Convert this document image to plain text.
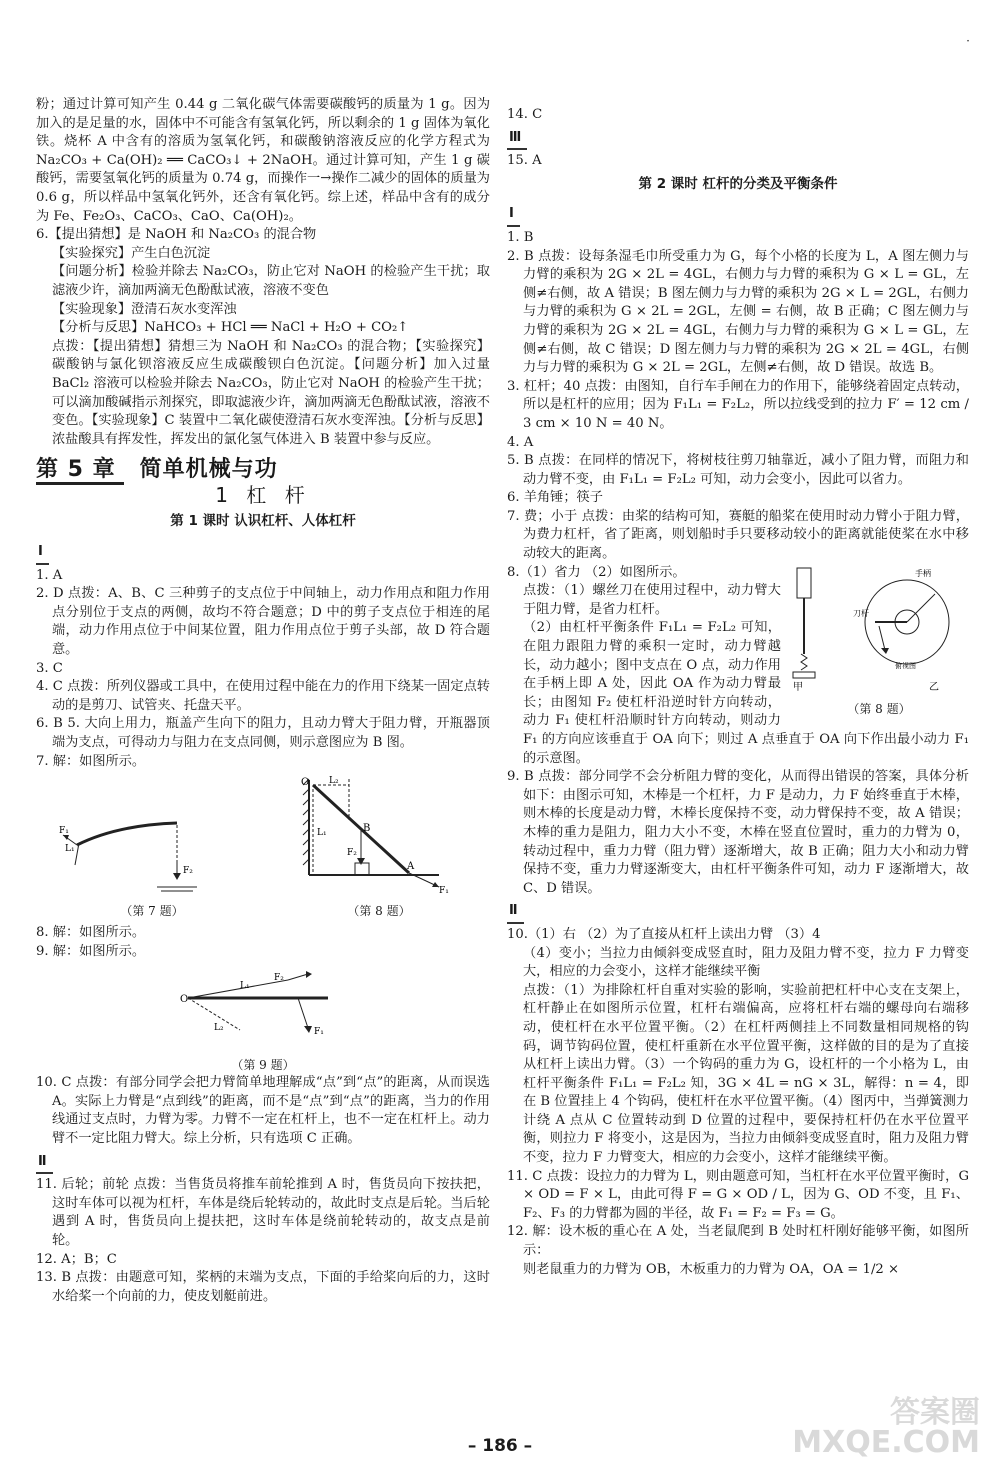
·

粉；通过计算可知产生 0.44 g 二氧化碳气体需要碳酸钙的质量为 1 g。因为加入的是足量的水，固体中不可能含有氢氧化钙，所以剩余的 1 g 固体为氧化铁。烧杯 A 中含有的溶质为氢氧化钙，和碳酸钠溶液反应的化学方程式为 Na₂CO₃ + Ca(OH)₂ ══ CaCO₃↓ + 2NaOH。通过计算可知，产生 1 g 碳酸钙，需要氢氧化钙的质量为 0.74 g，而操作一→操作二减少的固体的质量为 0.6 g，所以样品中氢氧化钙外，还含有氧化钙。综上述，样品中含有的成分为 Fe、Fe₂O₃、CaCO₃、CaO、Ca(OH)₂。

6.【提出猜想】是 NaOH 和 Na₂CO₃ 的混合物

【实验探究】产生白色沉淀

【问题分析】检验并除去 Na₂CO₃，防止它对 NaOH 的检验产生干扰；取滤液少许，滴加两滴无色酚酞试液，溶液不变色

【实验现象】澄清石灰水变浑浊

【分析与反思】NaHCO₃ + HCl ══ NaCl + H₂O + CO₂↑

点拨：【提出猜想】猜想三为 NaOH 和 Na₂CO₃ 的混合物；【实验探究】碳酸钠与氯化钡溶液反应生成碳酸钡白色沉淀。【问题分析】加入过量 BaCl₂ 溶液可以检验并除去 Na₂CO₃，防止它对 NaOH 的检验产生干扰；可以滴加酸碱指示剂探究，即取滤液少许，滴加两滴无色酚酞试液，溶液不变色。【实验现象】C 装置中二氧化碳使澄清石灰水变浑浊。【分析与反思】浓盐酸具有挥发性，挥发出的氯化氢气体进入 B 装置中参与反应。

第 5 章 简单机械与功
1 杠 杆
第 1 课时 认识杠杆、人体杠杆
Ⅰ

1. A

2. D 点拨：A、B、C 三种剪子的支点位于中间轴上，动力作用点和阻力作用点分别位于支点的两侧，故均不符合题意；D 中的剪子支点位于相连的尾端，动力作用点位于中间某位置，阻力作用点位于剪子头部，故 D 符合题意。

3. C

4. C 点拨：所列仪器或工具中，在使用过程中能在力的作用下绕某一固定点转动的是剪刀、试管夹、托盘天平。

6. B 5. 大向上用力，瓶盖产生向下的阻力，且动力臂大于阻力臂，开瓶器顶端为支点，可得动力与阻力在支点同侧，则示意图应为 B 图。

7. 解：如图所示。

F₁
L₁
F₂
（第 7 题）
O L₂
B
L₁
F₂
A
F₁
（第 8 题）

8. 解：如图所示。

9. 解：如图所示。

O
L₁
F₂
L₂	F₁
（第 9 题）

10. C 点拨：有部分同学会把力臂简单地理解成“点”到“点”的距离，从而误选 A。实际上力臂是“点到线”的距离，而不是“点”到“点”的距离，当力的作用线通过支点时，力臂为零。力臂不一定在杠杆上，也不一定在杠杆上。动力臂不一定比阻力臂大。综上分析，只有选项 C 正确。

Ⅱ

11. 后轮；前轮 点拨：当售货员将推车前轮推到 A 时，售货员向下按扶把，这时车体可以视为杠杆，车体是绕后轮转动的，故此时支点是后轮。当后轮遇到 A 时，售货员向上提扶把，这时车体是绕前轮转动的，故支点是前轮。

12. A；B；C

13. B 点拨：由题意可知，桨柄的末端为支点，下面的手给桨向后的力，这时水给桨一个向前的力，使皮划艇前进。

14. C

Ⅲ

15. A

第 2 课时 杠杆的分类及平衡条件
Ⅰ

1. B

2. B 点拨：设每条湿毛巾所受重力为 G，每个小格的长度为 L，A 图左侧力与力臂的乘积为 2G × 2L = 4GL，右侧力与力臂的乘积为 G × L = GL，左侧≠右侧，故 A 错误；B 图左侧力与力臂的乘积为 2G × L = 2GL，右侧力与力臂的乘积为 G × 2L = 2GL，左侧 = 右侧，故 B 正确；C 图左侧力与力臂的乘积为 2G × 2L = 4GL，右侧力与力臂的乘积为 G × L = GL，左侧≠右侧，故 C 错误；D 图左侧力与力臂的乘积为 2G × 2L = 4GL，右侧力与力臂的乘积为 G × 2L = 2GL，左侧≠右侧，故 D 错误。故选 B。

3. 杠杆；40 点拨：由图知，自行车手闸在力的作用下，能够绕着固定点转动，所以是杠杆的应用；因为 F₁L₁ = F₂L₂，所以拉线受到的拉力 F′ = 12 cm / 3 cm × 10 N = 40 N。

4. A

5. B 点拨：在同样的情况下，将树枝往剪刀轴靠近，减小了阻力臂，而阻力和动力臂不变，由 F₁L₁ = F₂L₂ 可知，动力会变小，因此可以省力。

6. 羊角锤；筷子

7. 费；小于 点拨：由桨的结构可知，赛艇的船桨在使用时动力臂小于阻力臂，为费力杠杆，省了距离，则划船时手只要移动较小的距离就能使桨在水中移动较大的距离。

手柄
刀杆
俯视图
甲	乙
（第 8 题）

8.（1）省力 （2）如图所示。

点拨：（1）螺丝刀在使用过程中，动力臂大于阻力臂，是省力杠杆。

（2）由杠杆平衡条件 F₁L₁ = F₂L₂ 可知，在阻力跟阻力臂的乘积一定时，动力臂越长，动力越小；图中支点在 O 点，动力作用在手柄上即 A 处，因此 OA 作为动力臂最长；由图知 F₂ 使杠杆沿逆时针方向转动，动力 F₁ 使杠杆沿顺时针方向转动，则动力 F₁ 的方向应该垂直于 OA 向下；则过 A 点垂直于 OA 向下作出最小动力 F₁ 的示意图。

9. B 点拨：部分同学不会分析阻力臂的变化，从而得出错误的答案，具体分析如下：由图示可知，木棒是一个杠杆，力 F 是动力，力 F 始终垂直于木棒，则木棒的长度是动力臂，木棒长度保持不变，动力臂保持不变，故 A 错误；木棒的重力是阻力，阻力大小不变，木棒在竖直位置时，重力的力臂为 0，转动过程中，重力力臂（阻力臂）逐渐增大，故 B 正确；阻力大小和动力臂保持不变，重力力臂逐渐变大，由杠杆平衡条件可知，动力 F 逐渐增大，故 C、D 错误。

Ⅱ

10.（1）右 （2）为了直接从杠杆上读出力臂 （3）4

（4）变小；当拉力由倾斜变成竖直时，阻力及阻力臂不变，拉力 F 力臂变大，相应的力会变小，这样才能继续平衡

点拨：（1）为排除杠杆自重对实验的影响，实验前把杠杆中心支在支架上，杠杆静止在如图所示位置，杠杆右端偏高，应将杠杆右端的螺母向右端移动，使杠杆在水平位置平衡。（2）在杠杆两侧挂上不同数量相同规格的钩码，调节钩码位置，使杠杆重新在水平位置平衡，这样做的目的是为了直接从杠杆上读出力臂。（3）一个钩码的重力为 G，设杠杆的一个小格为 L，由杠杆平衡条件 F₁L₁ = F₂L₂ 知，3G × 4L = nG × 3L，解得：n = 4，即在 B 位置挂上 4 个钩码，使杠杆在水平位置平衡。（4）图丙中，当弹簧测力计绕 A 点从 C 位置转动到 D 位置的过程中，要保持杠杆仍在水平位置平衡，则拉力 F 将变小，这是因为，当拉力由倾斜变成竖直时，阻力及阻力臂不变，拉力 F 力臂变大，相应的力会变小，这样才能继续平衡。

11. C 点拨：设拉力的力臂为 L，则由题意可知，当杠杆在水平位置平衡时，G × OD = F × L，由此可得 F = G × OD / L，因为 G、OD 不变，且 F₁、F₂、F₃ 的力臂都为圆的半径，故 F₁ = F₂ = F₃ = G。

12. 解：设木板的重心在 A 处，当老鼠爬到 B 处时杠杆刚好能够平衡，如图所示：

则老鼠重力的力臂为 OB，木板重力的力臂为 OA，OA = 1/2 ×

– 186 –
答案圈
MXQE.COM
